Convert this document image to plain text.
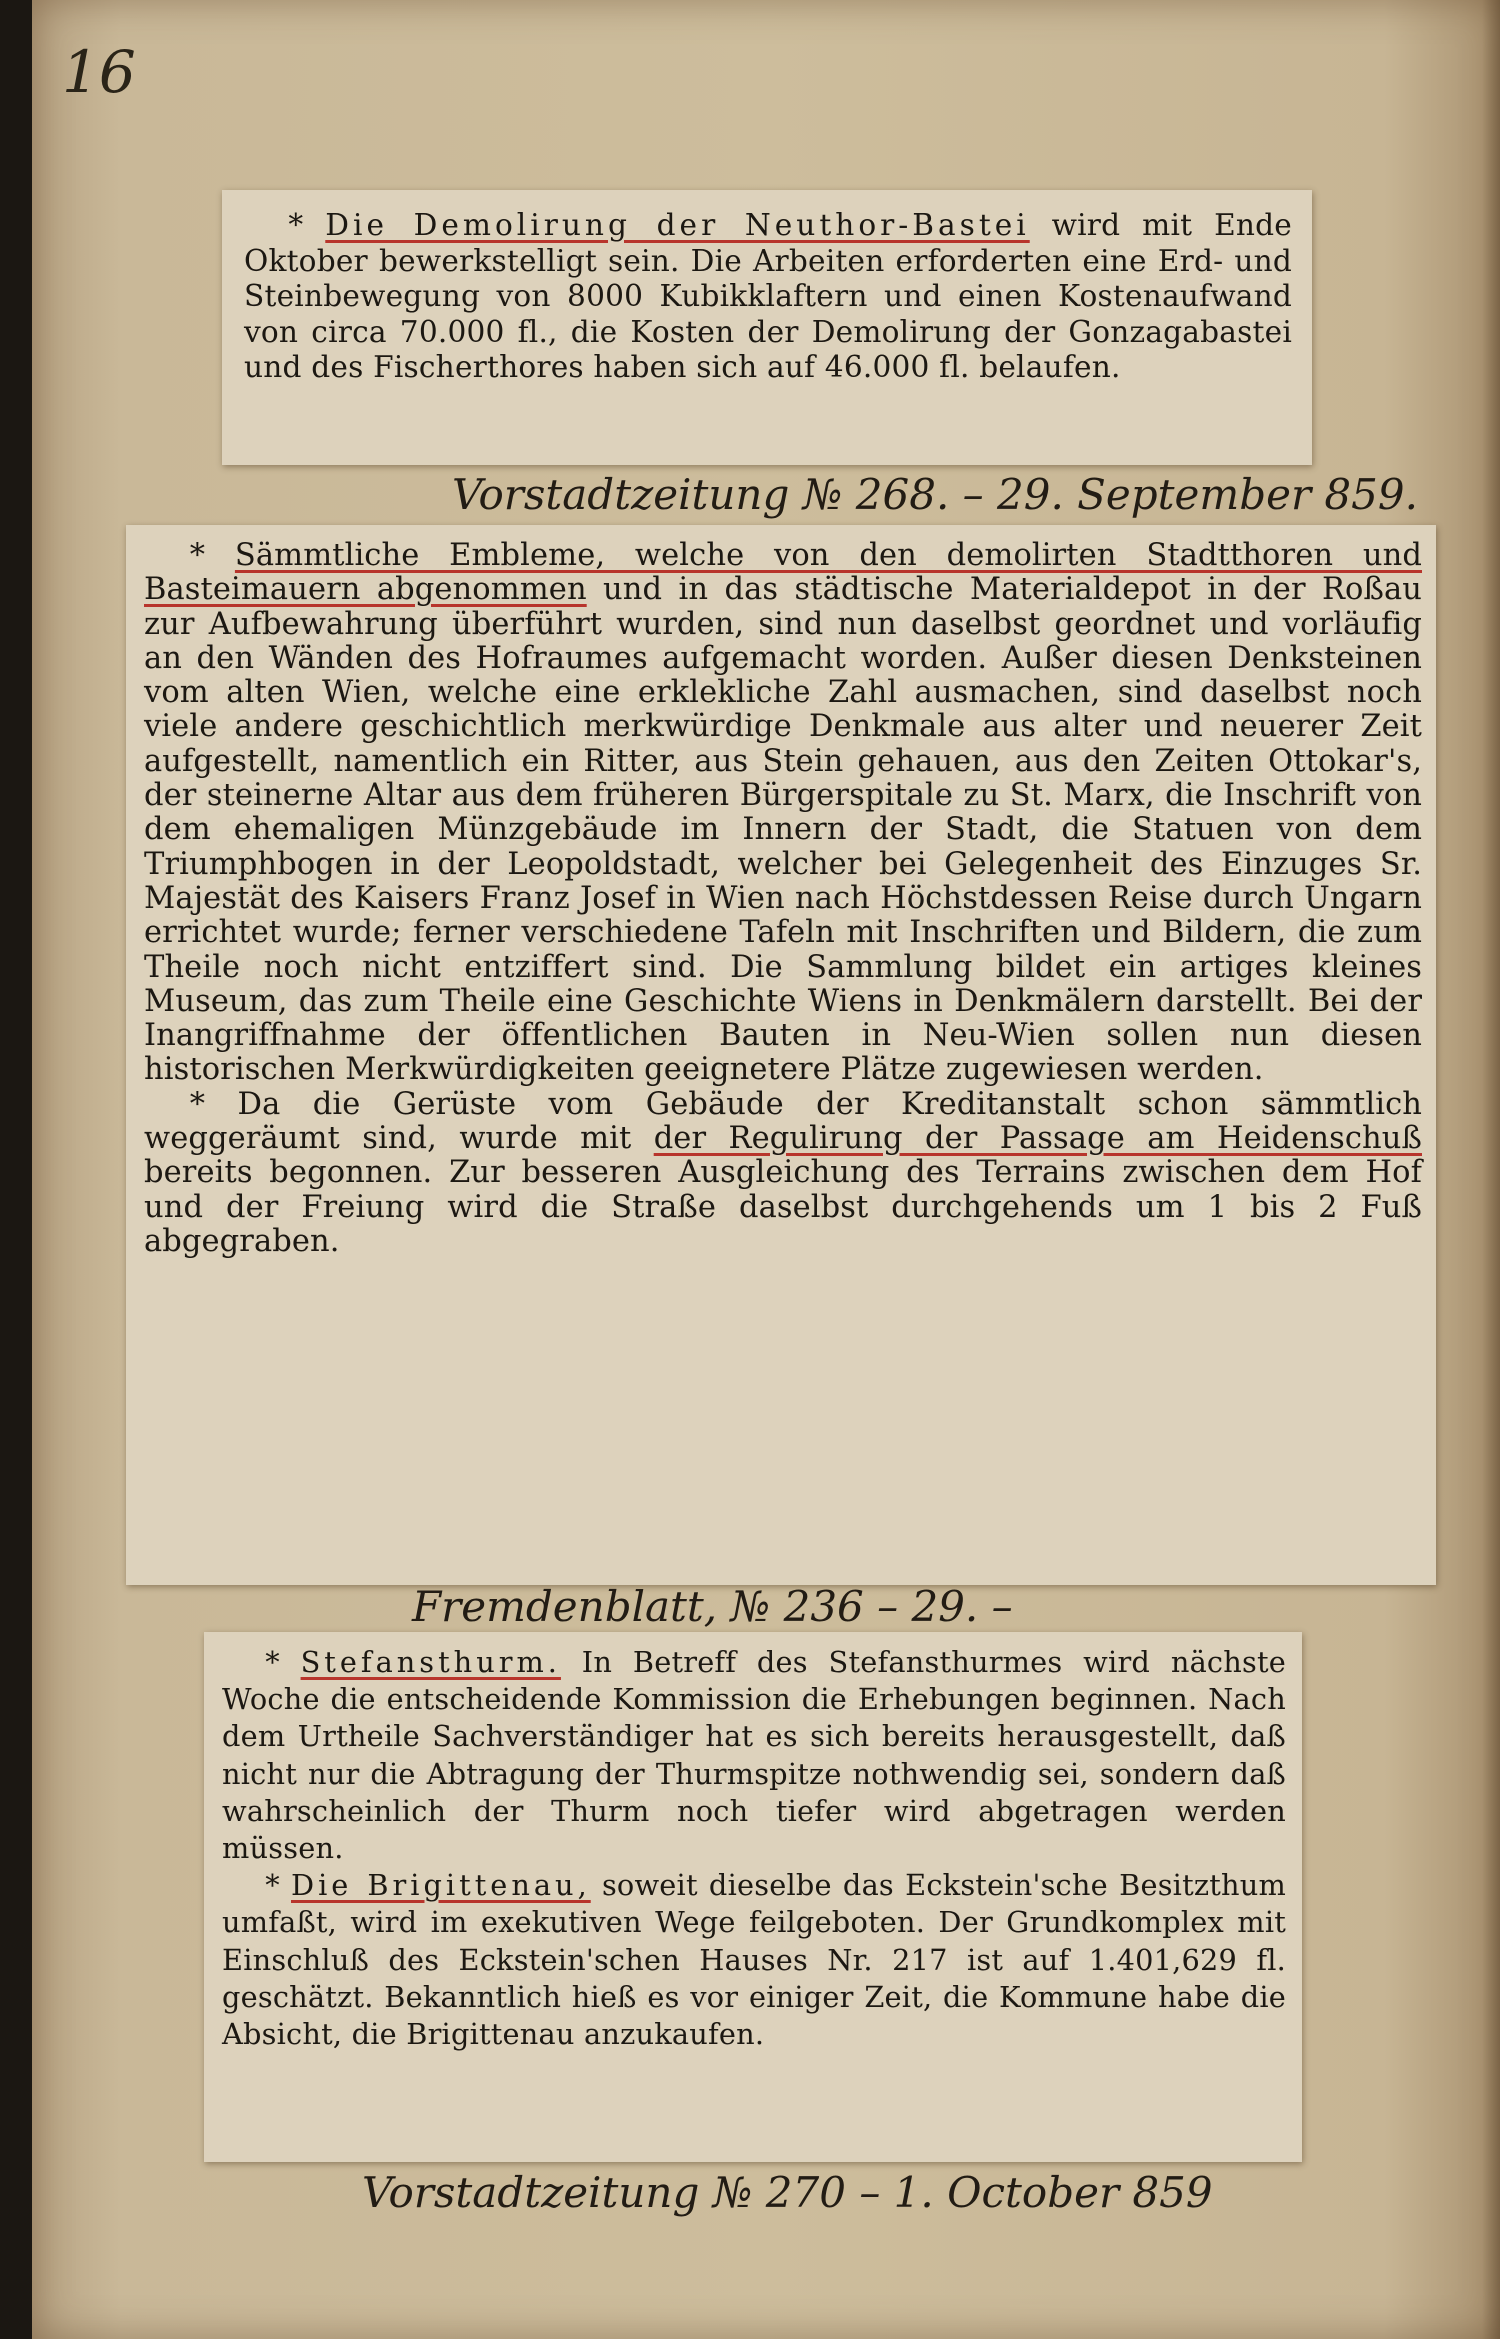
16

* Die Demolirung der Neuthor-Bastei wird mit Ende Oktober bewerkstelligt sein. Die Arbeiten erforderten eine Erd- und Steinbewegung von 8000 Kubikklaftern und einen Kostenaufwand von circa 70.000 fl., die Kosten der Demolirung der Gonzagabastei und des Fischerthores haben sich auf 46.000 fl. belaufen.

Vorstadtzeitung № 268. – 29. September 859.

* Sämmtliche Embleme, welche von den demolirten Stadtthoren und Basteimauern abgenommen und in das städtische Materialdepot in der Roßau zur Aufbewahrung überführt wurden, sind nun daselbst geordnet und vorläufig an den Wänden des Hofraumes aufgemacht worden. Außer diesen Denksteinen vom alten Wien, welche eine erklekliche Zahl ausmachen, sind daselbst noch viele andere geschichtlich merkwürdige Denkmale aus alter und neuerer Zeit aufgestellt, namentlich ein Ritter, aus Stein gehauen, aus den Zeiten Ottokar's, der steinerne Altar aus dem früheren Bürgerspitale zu St. Marx, die Inschrift von dem ehemaligen Münzgebäude im Innern der Stadt, die Statuen von dem Triumphbogen in der Leopoldstadt, welcher bei Gelegenheit des Einzuges Sr. Majestät des Kaisers Franz Josef in Wien nach Höchstdessen Reise durch Ungarn errichtet wurde; ferner verschiedene Tafeln mit Inschriften und Bildern, die zum Theile noch nicht entziffert sind. Die Sammlung bildet ein artiges kleines Museum, das zum Theile eine Geschichte Wiens in Denkmälern darstellt. Bei der Inangriffnahme der öffentlichen Bauten in Neu-Wien sollen nun diesen historischen Merkwürdigkeiten geeignetere Plätze zugewiesen werden.

* Da die Gerüste vom Gebäude der Kreditanstalt schon sämmtlich weggeräumt sind, wurde mit der Regulirung der Passage am Heidenschuß bereits begonnen. Zur besseren Ausgleichung des Terrains zwischen dem Hof und der Freiung wird die Straße daselbst durchgehends um 1 bis 2 Fuß abgegraben.

Fremdenblatt, № 236 – 29. –

* Stefansthurm. In Betreff des Stefansthurmes wird nächste Woche die entscheidende Kommission die Erhebungen beginnen. Nach dem Urtheile Sachverständiger hat es sich bereits herausgestellt, daß nicht nur die Abtragung der Thurmspitze nothwendig sei, sondern daß wahrscheinlich der Thurm noch tiefer wird abgetragen werden müssen.

* Die Brigittenau, soweit dieselbe das Eckstein'sche Besitzthum umfaßt, wird im exekutiven Wege feilgeboten. Der Grundkomplex mit Einschluß des Eckstein'schen Hauses Nr. 217 ist auf 1.401,629 fl. geschätzt. Bekanntlich hieß es vor einiger Zeit, die Kommune habe die Absicht, die Brigittenau anzukaufen.

Vorstadtzeitung № 270 – 1. October 859
